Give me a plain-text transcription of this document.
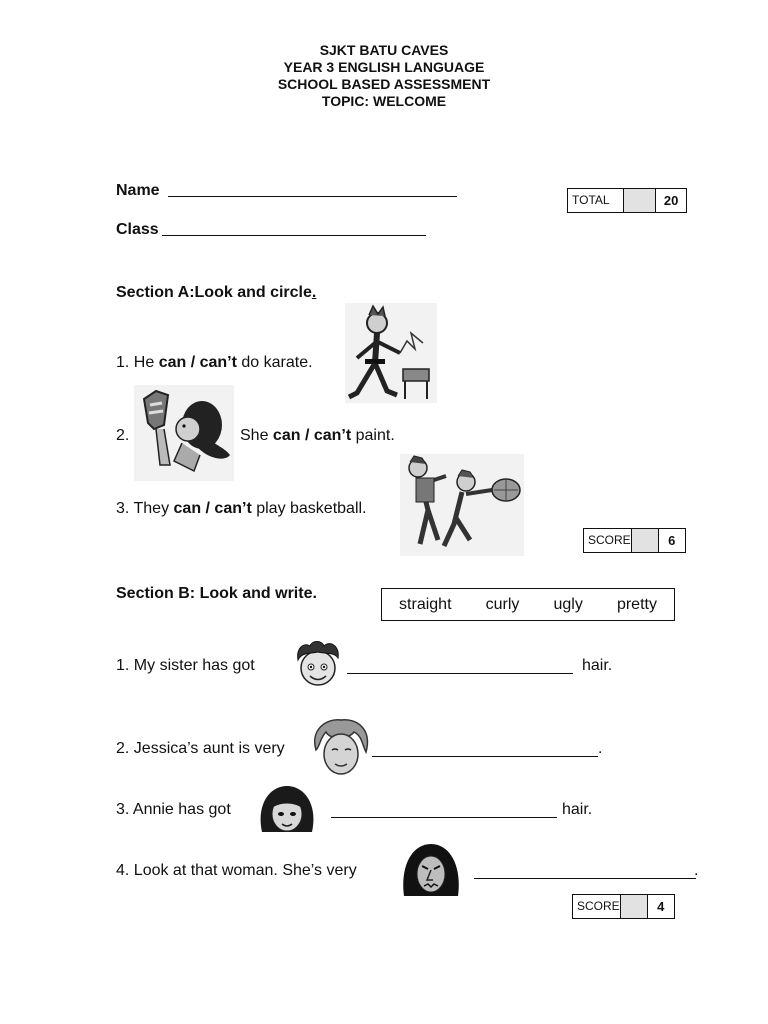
SJKT BATU CAVES
YEAR 3 ENGLISH LANGUAGE
SCHOOL BASED ASSESSMENT
TOPIC: WELCOME
Name
Class
TOTAL	20
Section A:Look and circle.
1. He can / can’t do karate.
2.	She can / can’t paint.
3. They can / can’t play basketball.
SCORE	6
Section B: Look and write.
straight curly ugly pretty
1. My sister has got	hair.
2. Jessica’s aunt is very	.
3. Annie has got	hair.
4. Look at that woman. She’s very	.
SCORE	4
